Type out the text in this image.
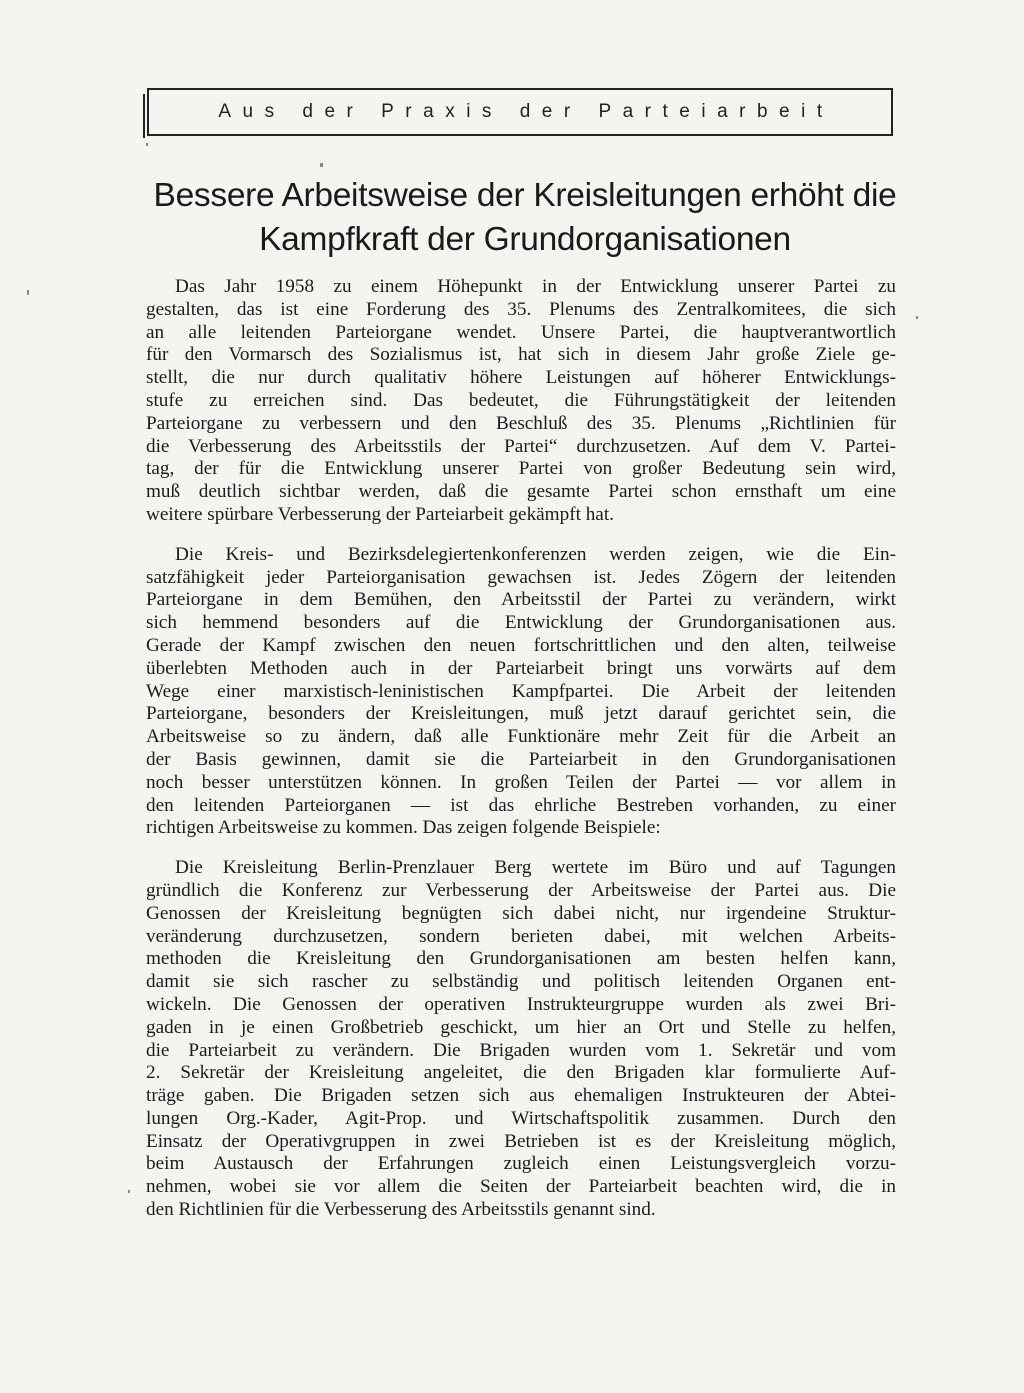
Aus der Praxis der Parteiarbeit
Bessere Arbeitsweise der Kreisleitungen erhöht die
Kampfkraft der Grundorganisationen

Das Jahr 1958 zu einem Höhepunkt in der Entwicklung unserer Partei zu
gestalten, das ist eine Forderung des 35. Plenums des Zentralkomitees, die sich
an alle leitenden Parteiorgane wendet. Unsere Partei, die hauptverantwortlich
für den Vormarsch des Sozialismus ist, hat sich in diesem Jahr große Ziele ge-
stellt, die nur durch qualitativ höhere Leistungen auf höherer Entwicklungs-
stufe zu erreichen sind. Das bedeutet, die Führungstätigkeit der leitenden
Parteiorgane zu verbessern und den Beschluß des 35. Plenums „Richtlinien für
die Verbesserung des Arbeitsstils der Partei“ durchzusetzen. Auf dem V. Partei-
tag, der für die Entwicklung unserer Partei von großer Bedeutung sein wird,
muß deutlich sichtbar werden, daß die gesamte Partei schon ernsthaft um eine
weitere spürbare Verbesserung der Parteiarbeit gekämpft hat.

Die Kreis- und Bezirksdelegiertenkonferenzen werden zeigen, wie die Ein-
satzfähigkeit jeder Parteiorganisation gewachsen ist. Jedes Zögern der leitenden
Parteiorgane in dem Bemühen, den Arbeitsstil der Partei zu verändern, wirkt
sich hemmend besonders auf die Entwicklung der Grundorganisationen aus.
Gerade der Kampf zwischen den neuen fortschrittlichen und den alten, teilweise
überlebten Methoden auch in der Parteiarbeit bringt uns vorwärts auf dem
Wege einer marxistisch-leninistischen Kampfpartei. Die Arbeit der leitenden
Parteiorgane, besonders der Kreisleitungen, muß jetzt darauf gerichtet sein, die
Arbeitsweise so zu ändern, daß alle Funktionäre mehr Zeit für die Arbeit an
der Basis gewinnen, damit sie die Parteiarbeit in den Grundorganisationen
noch besser unterstützen können. In großen Teilen der Partei — vor allem in
den leitenden Parteiorganen — ist das ehrliche Bestreben vorhanden, zu einer
richtigen Arbeitsweise zu kommen. Das zeigen folgende Beispiele:

Die Kreisleitung Berlin-Prenzlauer Berg wertete im Büro und auf Tagungen
gründlich die Konferenz zur Verbesserung der Arbeitsweise der Partei aus. Die
Genossen der Kreisleitung begnügten sich dabei nicht, nur irgendeine Struktur-
veränderung durchzusetzen, sondern berieten dabei, mit welchen Arbeits-
methoden die Kreisleitung den Grundorganisationen am besten helfen kann,
damit sie sich rascher zu selbständig und politisch leitenden Organen ent-
wickeln. Die Genossen der operativen Instrukteurgruppe wurden als zwei Bri-
gaden in je einen Großbetrieb geschickt, um hier an Ort und Stelle zu helfen,
die Parteiarbeit zu verändern. Die Brigaden wurden vom 1. Sekretär und vom
2. Sekretär der Kreisleitung angeleitet, die den Brigaden klar formulierte Auf-
träge gaben. Die Brigaden setzen sich aus ehemaligen Instrukteuren der Abtei-
lungen Org.-Kader, Agit-Prop. und Wirtschaftspolitik zusammen. Durch den
Einsatz der Operativgruppen in zwei Betrieben ist es der Kreisleitung möglich,
beim Austausch der Erfahrungen zugleich einen Leistungsvergleich vorzu-
nehmen, wobei sie vor allem die Seiten der Parteiarbeit beachten wird, die in
den Richtlinien für die Verbesserung des Arbeitsstils genannt sind.
